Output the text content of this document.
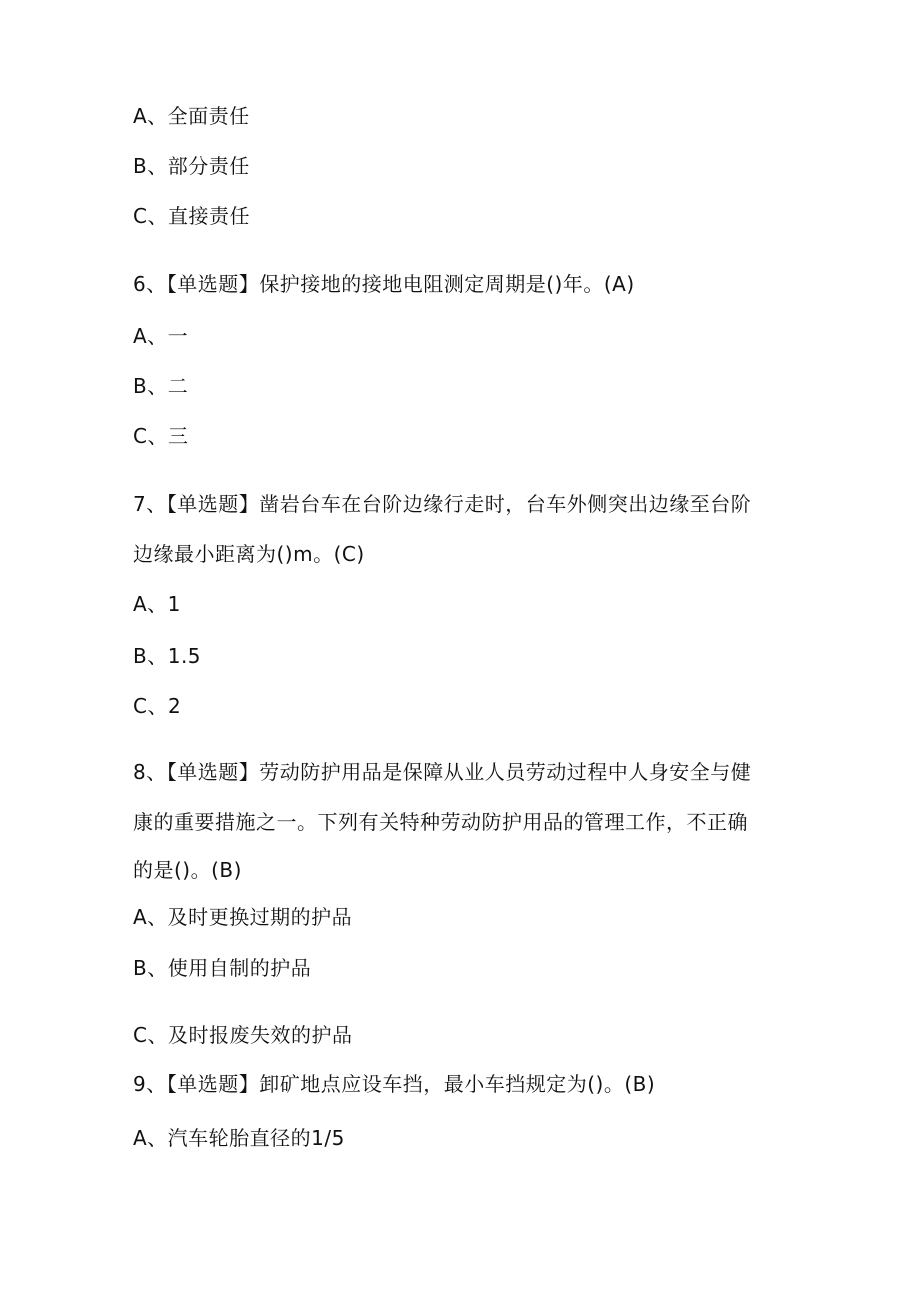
A、全面责任
B、部分责任
C、直接责任
6、【单选题】保护接地的接地电阻测定周期是()年。(A)
A、一
B、二
C、三
7、【单选题】凿岩台车在台阶边缘行走时，台车外侧突出边缘至台阶
边缘最小距离为()m。(C)
A、1
B、1.5
C、2
8、【单选题】劳动防护用品是保障从业人员劳动过程中人身安全与健
康的重要措施之一。下列有关特种劳动防护用品的管理工作，不正确
的是()。(B)
A、及时更换过期的护品
B、使用自制的护品
C、及时报废失效的护品
9、【单选题】卸矿地点应设车挡，最小车挡规定为()。(B)
A、汽车轮胎直径的1/5
